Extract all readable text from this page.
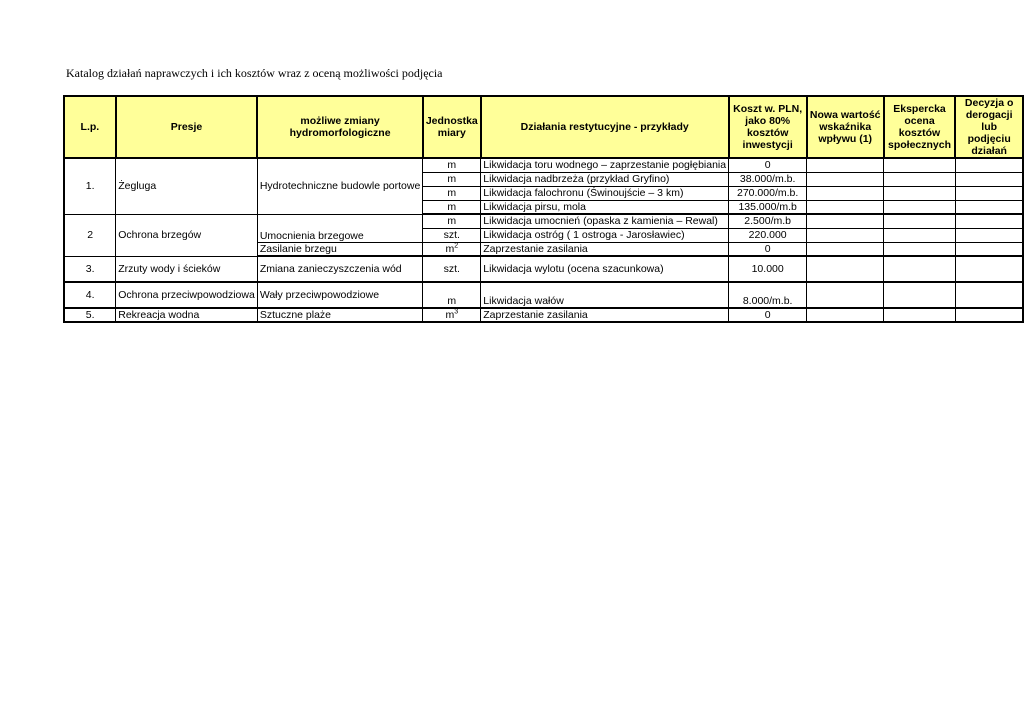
Katalog działań naprawczych i ich kosztów wraz z oceną możliwości podjęcia
L.p.	Presje	możliwe zmiany hydromorfologiczne	Jednostka miary	Działania restytucyjne - przykłady	Koszt w. PLN, jako 80% kosztów inwestycji	Nowa wartość wskaźnika wpływu (1)	Ekspercka ocena kosztów społecznych	Decyzja o derogacji lub podjęciu działań
1.	Żegluga	Hydrotechniczne budowle portowe	m	Likwidacja toru wodnego – zaprzestanie pogłębiania	0			
			m	Likwidacja nadbrzeża (przykład Gryfino)	38.000/m.b.			
			m	Likwidacja falochronu (Świnoujście – 3 km)	270.000/m.b.			
			m	Likwidacja pirsu, mola	135.000/m.b			
2	Ochrona brzegów	Umocnienia brzegowe	m	Likwidacja umocnień (opaska z kamienia – Rewal)	2.500/m.b			
			szt.	Likwidacja ostróg ( 1 ostroga - Jarosławiec)	220.000			
		Zasilanie brzegu	$m^2$	Zaprzestanie zasilania	0			
3.	Zrzuty wody i ścieków	Zmiana zanieczyszczenia wód	szt.	Likwidacja wylotu (ocena szacunkowa)	10.000			
4.	Ochrona przeciwpowodziowa	Wały przeciwpowodziowe	m	Likwidacja wałów	8.000/m.b.			
5.	Rekreacja wodna	Sztuczne plaże	$m^3$	Zaprzestanie zasilania	0			
